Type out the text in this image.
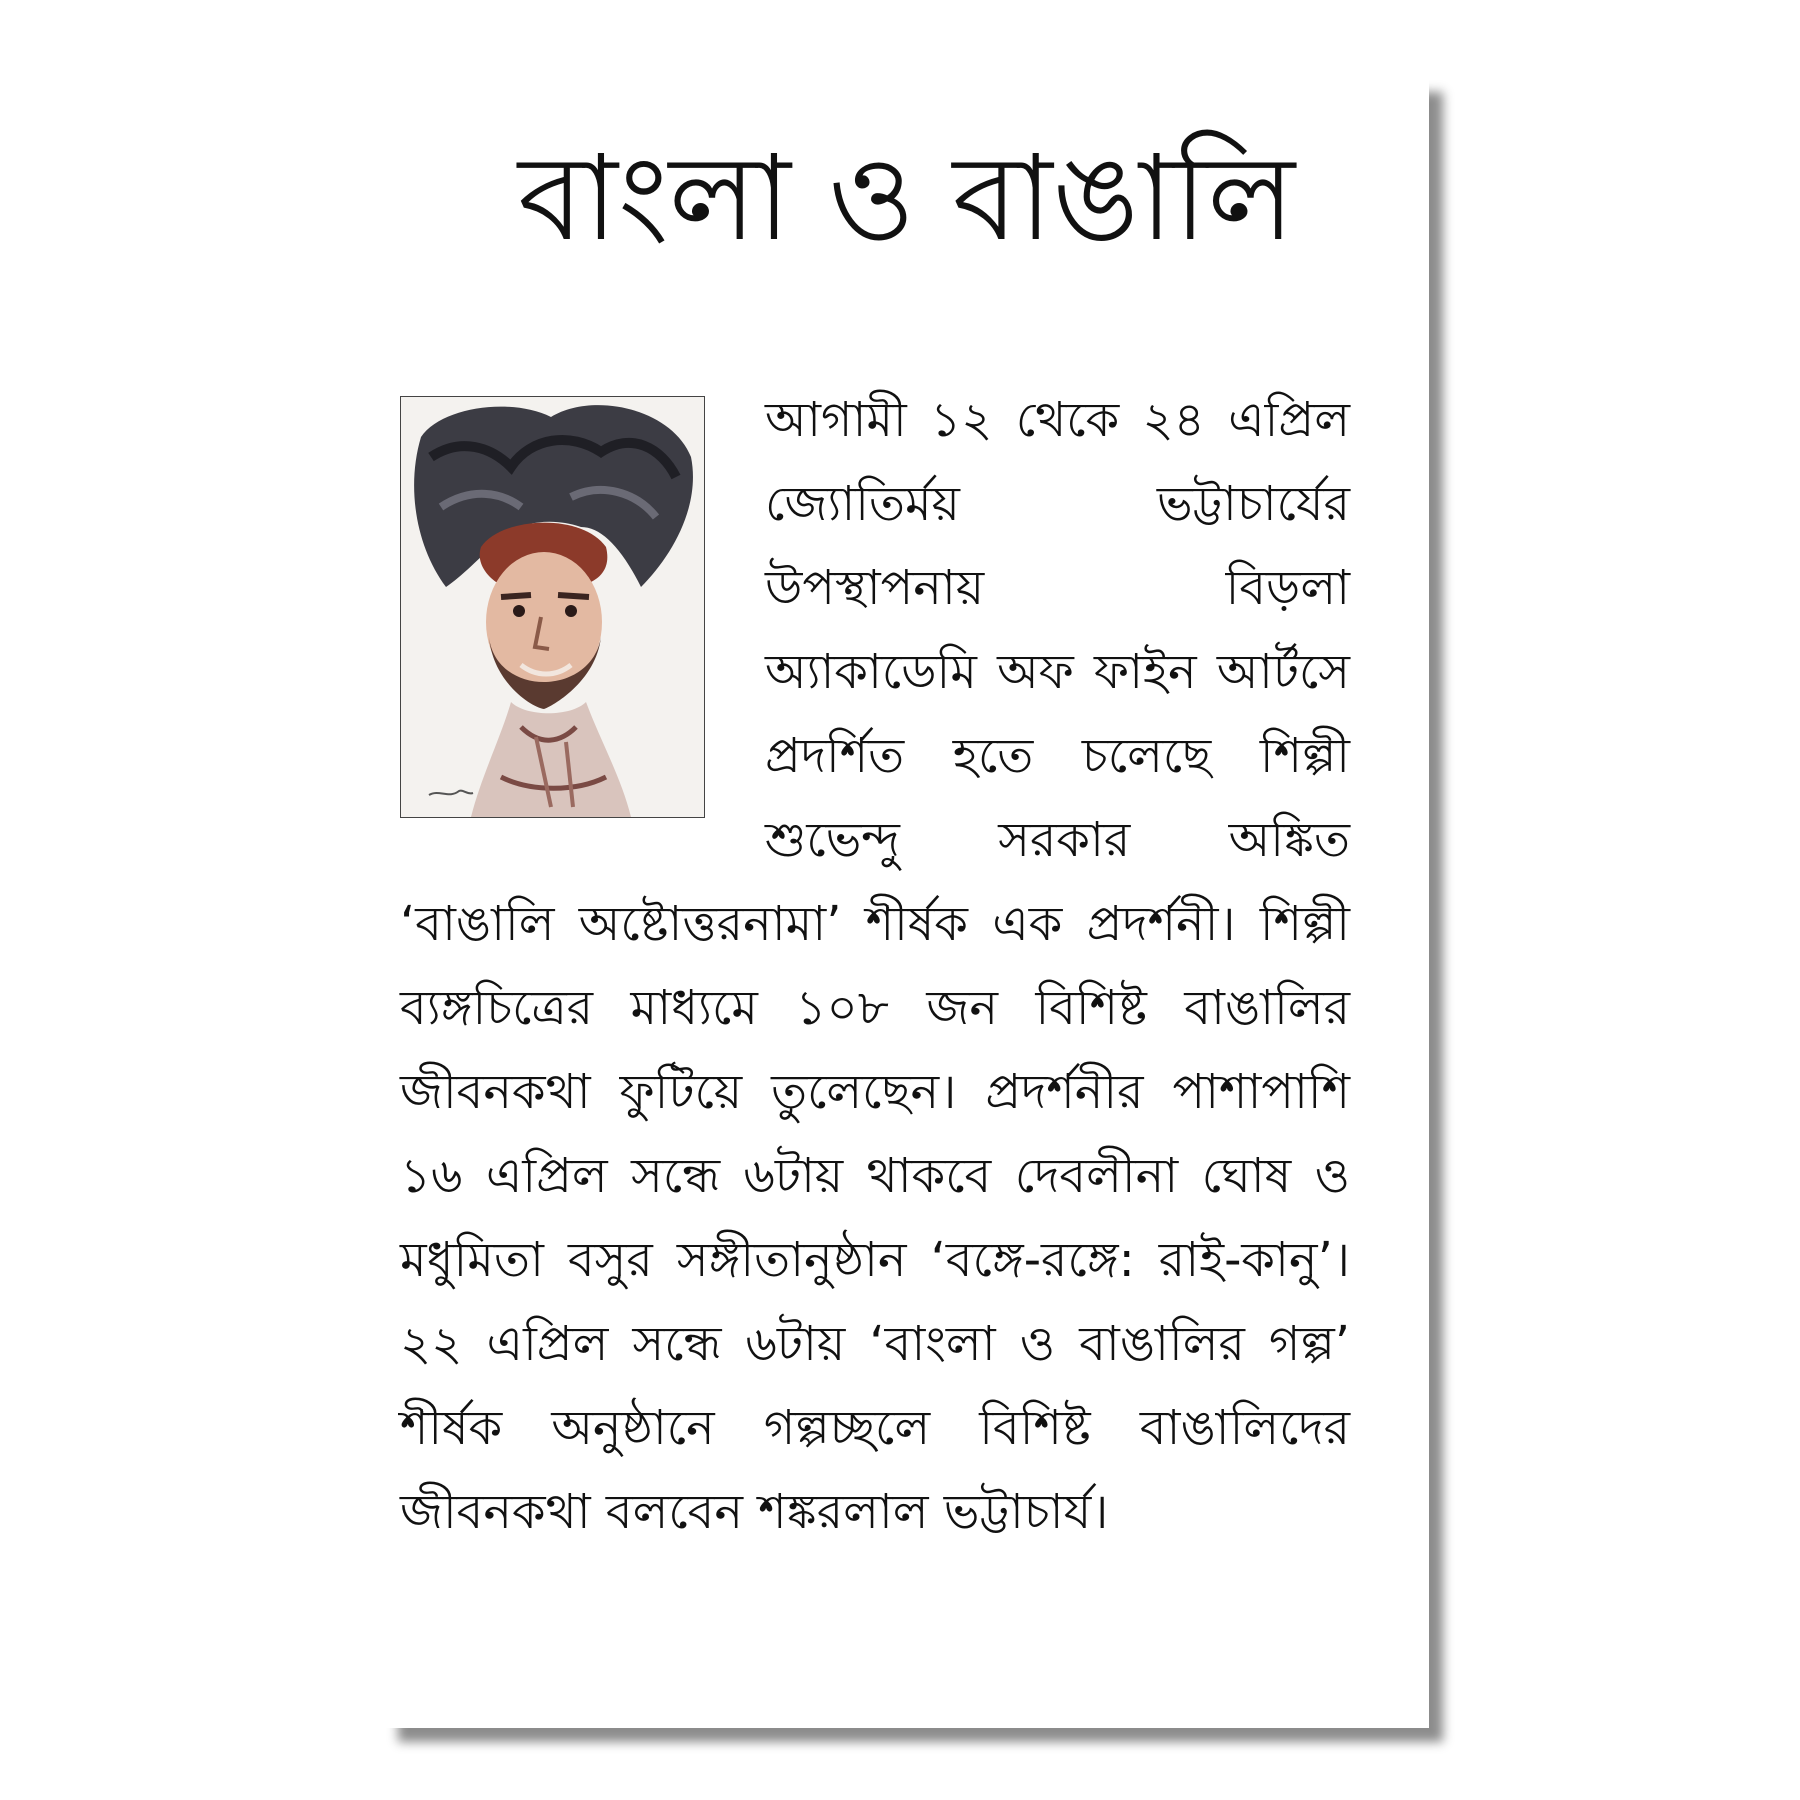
বাংলা ও বাঙালি

আগামী ১২ থেকে ২৪ এপ্রিল জ্যোতির্ময় ভট্টাচার্যের উপস্থাপনায় বিড়লা অ্যাকাডেমি অফ ফাইন আর্টসে প্রদর্শিত হতে চলেছে শিল্পী শুভেন্দু সরকার অঙ্কিত ‘বাঙালি অষ্টোত্তরনামা’ শীর্ষক এক প্রদর্শনী। শিল্পী ব্যঙ্গচিত্রের মাধ্যমে ১০৮ জন বিশিষ্ট বাঙালির জীবনকথা ফুটিয়ে তুলেছেন। প্রদর্শনীর পাশাপাশি ১৬ এপ্রিল সন্ধে ৬টায় থাকবে দেবলীনা ঘোষ ও মধুমিতা বসুর সঙ্গীতানুষ্ঠান ‘বঙ্গে-রঙ্গে: রাই-কানু’। ২২ এপ্রিল সন্ধে ৬টায় ‘বাংলা ও বাঙালির গল্প’ শীর্ষক অনুষ্ঠানে গল্পচ্ছলে বিশিষ্ট বাঙালিদের জীবনকথা বলবেন শঙ্করলাল ভট্টাচার্য।
